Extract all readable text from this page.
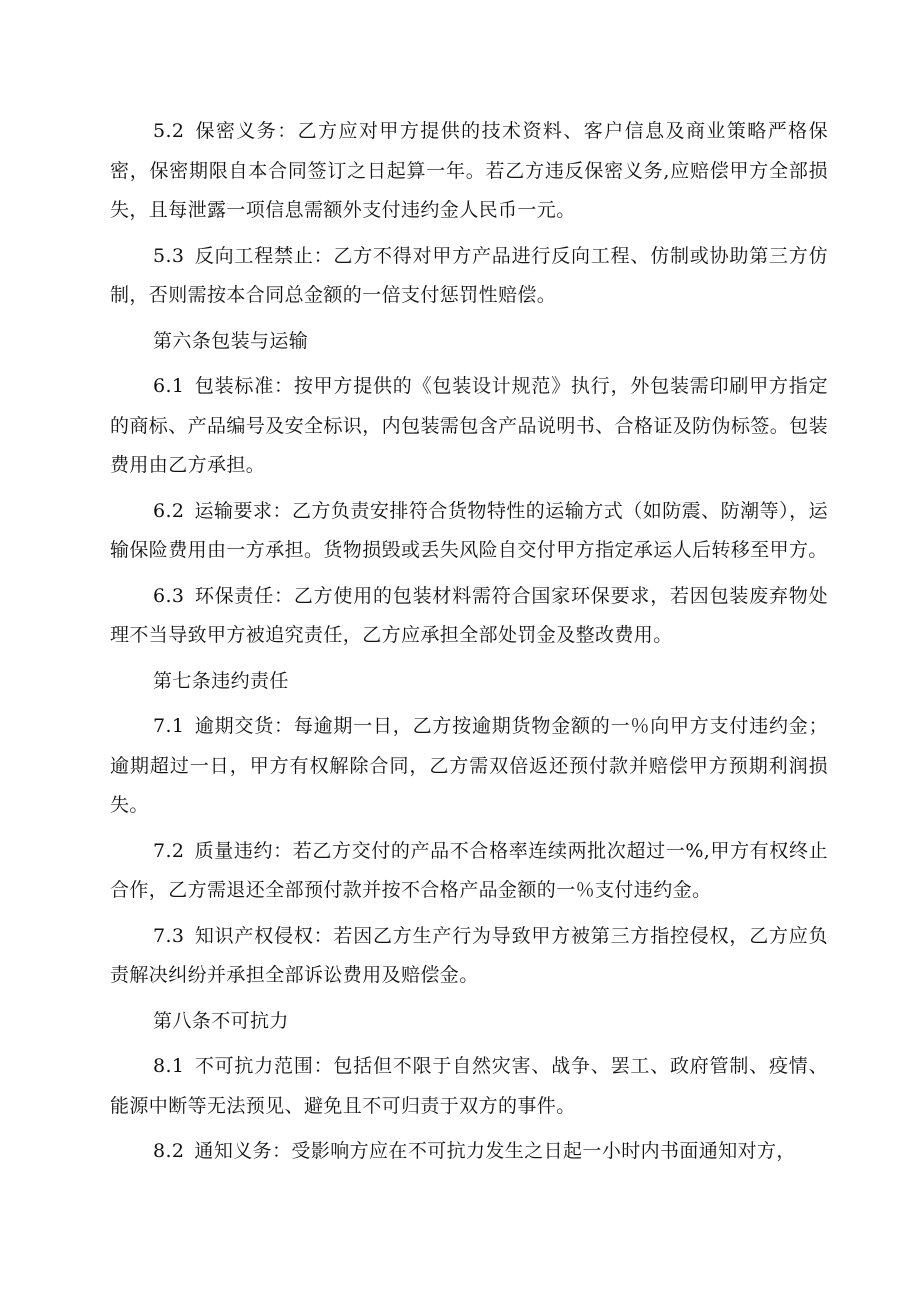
5.2 保密义务：乙方应对甲方提供的技术资料、客户信息及商业策略严格保密，保密期限自本合同签订之日起算一年。若乙方违反保密义务,应赔偿甲方全部损失，且每泄露一项信息需额外支付违约金人民币一元。

5.3 反向工程禁止：乙方不得对甲方产品进行反向工程、仿制或协助第三方仿制，否则需按本合同总金额的一倍支付惩罚性赔偿。

第六条包装与运输

6.1 包装标准：按甲方提供的《包装设计规范》执行，外包装需印刷甲方指定的商标、产品编号及安全标识，内包装需包含产品说明书、合格证及防伪标签。包装费用由乙方承担。

6.2 运输要求：乙方负责安排符合货物特性的运输方式（如防震、防潮等），运输保险费用由一方承担。货物损毁或丢失风险自交付甲方指定承运人后转移至甲方。

6.3 环保责任：乙方使用的包装材料需符合国家环保要求，若因包装废弃物处理不当导致甲方被追究责任，乙方应承担全部处罚金及整改费用。

第七条违约责任

7.1 逾期交货：每逾期一日，乙方按逾期货物金额的一％向甲方支付违约金；逾期超过一日，甲方有权解除合同，乙方需双倍返还预付款并赔偿甲方预期利润损失。

7.2 质量违约：若乙方交付的产品不合格率连续两批次超过一%,甲方有权终止合作，乙方需退还全部预付款并按不合格产品金额的一％支付违约金。

7.3 知识产权侵权：若因乙方生产行为导致甲方被第三方指控侵权，乙方应负责解决纠纷并承担全部诉讼费用及赔偿金。

第八条不可抗力

8.1 不可抗力范围：包括但不限于自然灾害、战争、罢工、政府管制、疫情、能源中断等无法预见、避免且不可归责于双方的事件。

8.2 通知义务：受影响方应在不可抗力发生之日起一小时内书面通知对方，
